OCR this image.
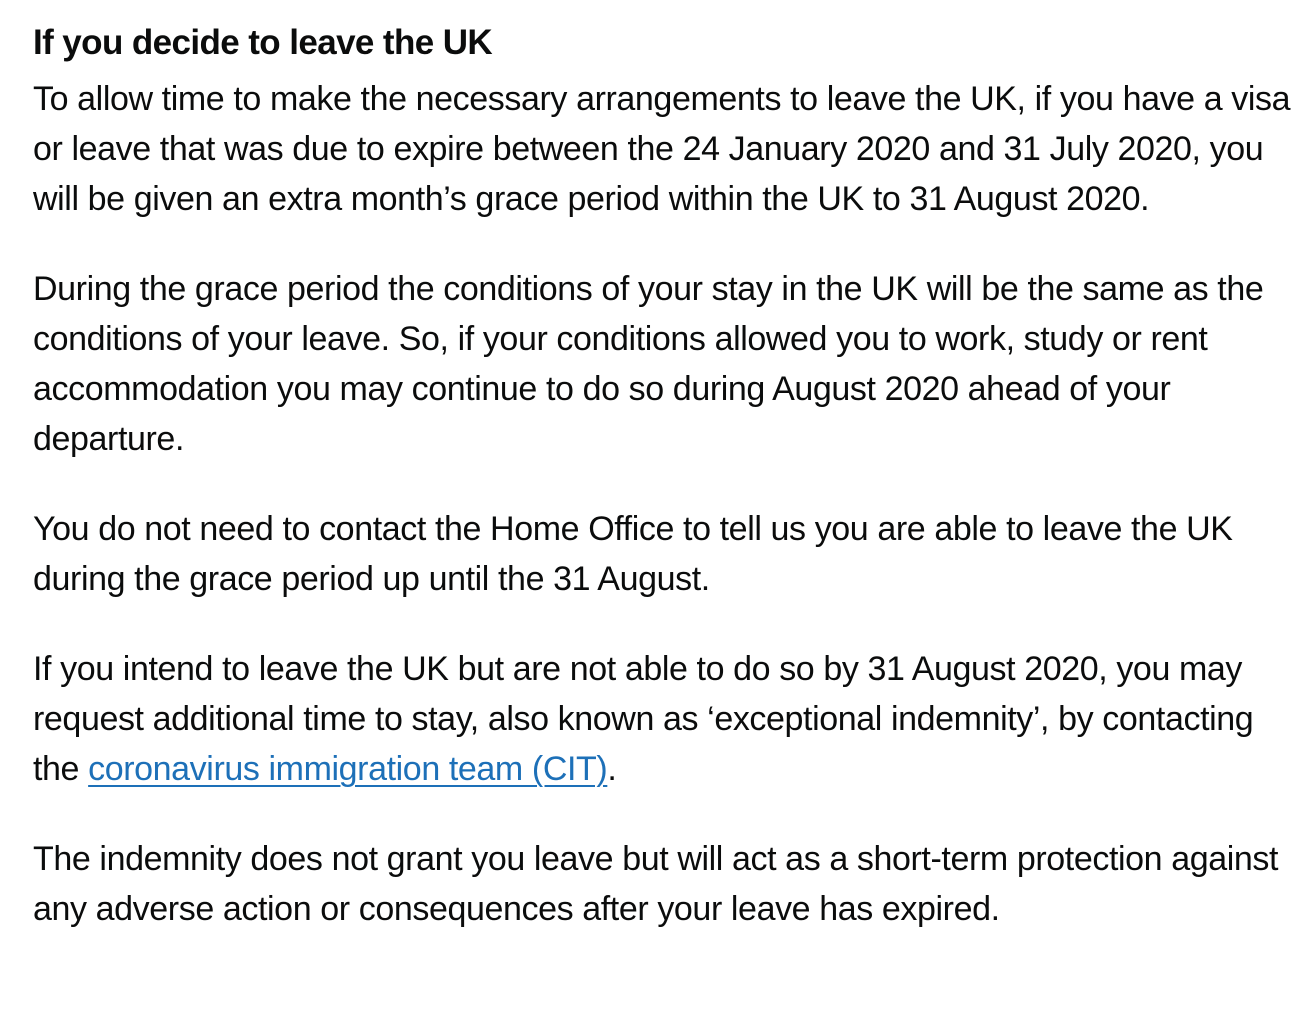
If you decide to leave the UK

To allow time to make the necessary arrangements to leave the UK, if you have a visa or leave that was due to expire between the 24 January 2020 and 31 July 2020, you will be given an extra month’s grace period within the UK to 31 August 2020.

During the grace period the conditions of your stay in the UK will be the same as the conditions of your leave. So, if your conditions allowed you to work, study or rent accommodation you may continue to do so during August 2020 ahead of your departure.

You do not need to contact the Home Office to tell us you are able to leave the UK during the grace period up until the 31 August.

If you intend to leave the UK but are not able to do so by 31 August 2020, you may request additional time to stay, also known as ‘exceptional indemnity’, by contacting the coronavirus immigration team (CIT).

The indemnity does not grant you leave but will act as a short-term protection against any adverse action or consequences after your leave has expired.
